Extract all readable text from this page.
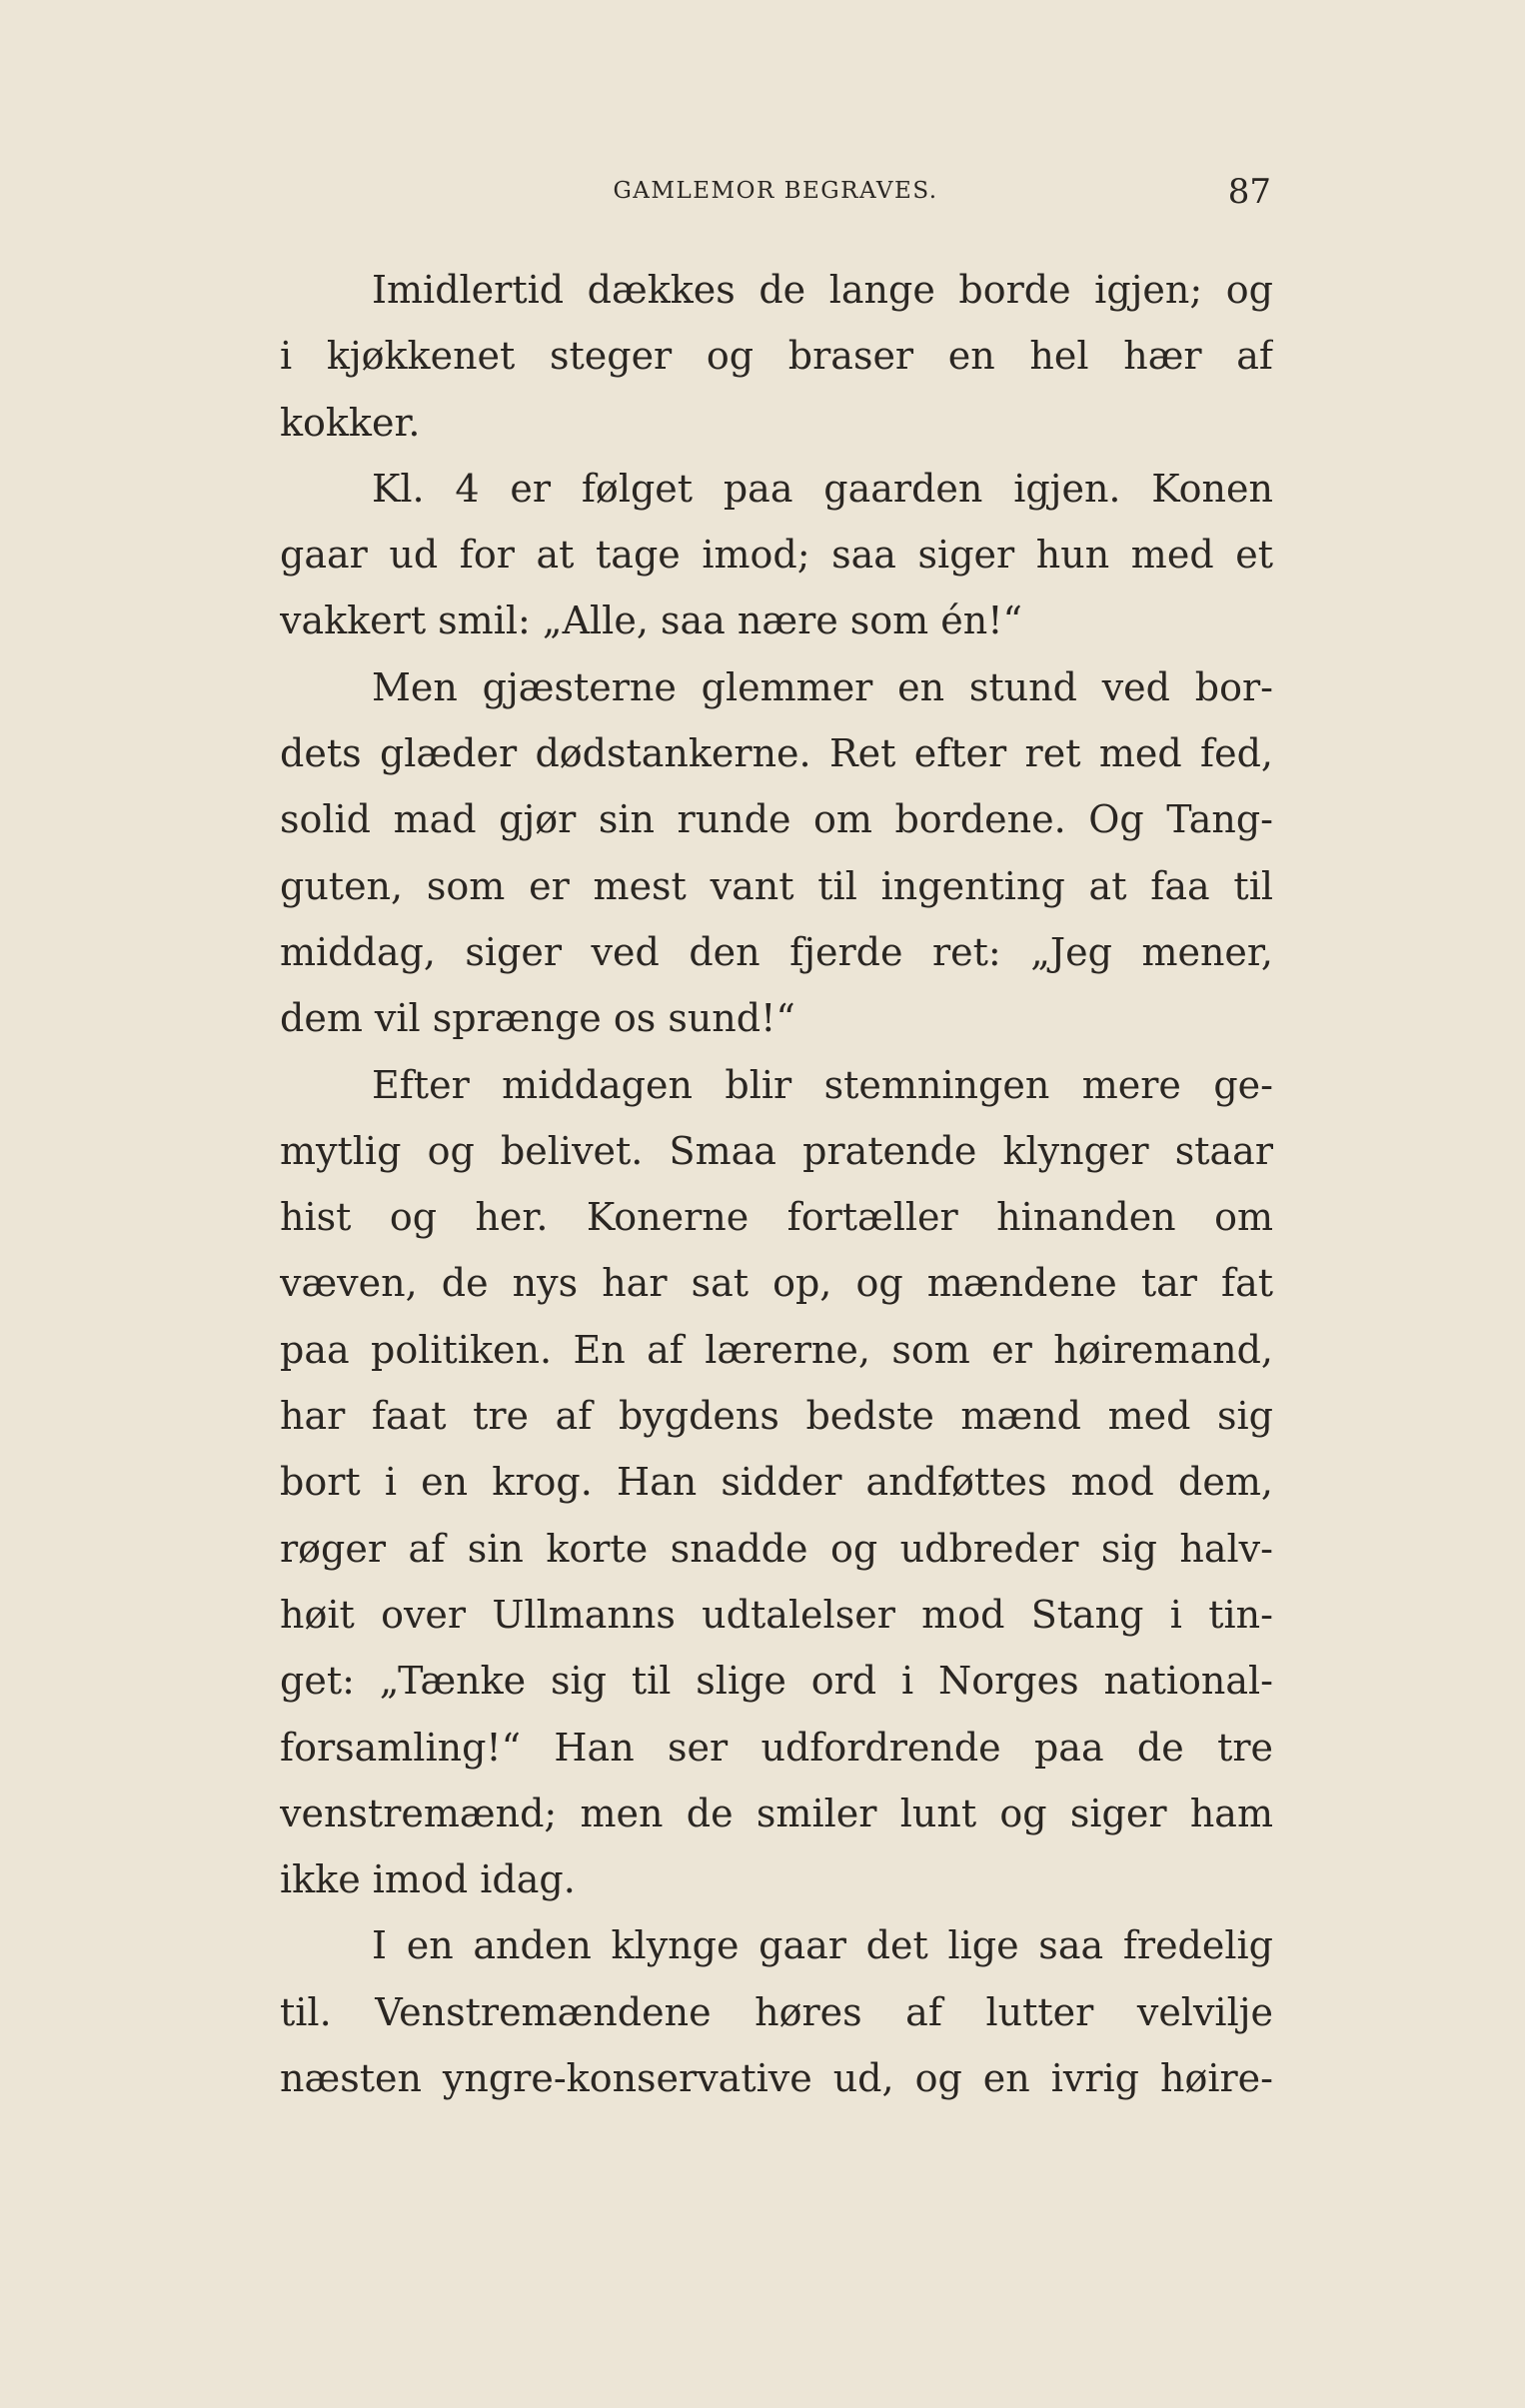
GAMLEMOR BEGRAVES.	87
Imidlertid dækkes de lange borde igjen; og
i kjøkkenet steger og braser en hel hær af
kokker.
Kl. 4 er følget paa gaarden igjen. Konen
gaar ud for at tage imod; saa siger hun med et
vakkert smil: „Alle, saa nære som én!“
Men gjæsterne glemmer en stund ved bor-
dets glæder dødstankerne. Ret efter ret med fed,
solid mad gjør sin runde om bordene. Og Tang-
guten, som er mest vant til ingenting at faa til
middag, siger ved den fjerde ret: „Jeg mener,
dem vil sprænge os sund!“
Efter middagen blir stemningen mere ge-
mytlig og belivet. Smaa pratende klynger staar
hist og her. Konerne fortæller hinanden om
væven, de nys har sat op, og mændene tar fat
paa politiken. En af lærerne, som er høiremand,
har faat tre af bygdens bedste mænd med sig
bort i en krog. Han sidder andføttes mod dem,
røger af sin korte snadde og udbreder sig halv-
høit over Ullmanns udtalelser mod Stang i tin-
get: „Tænke sig til slige ord i Norges national-
forsamling!“ Han ser udfordrende paa de tre
venstremænd; men de smiler lunt og siger ham
ikke imod idag.
I en anden klynge gaar det lige saa fredelig
til. Venstremændene høres af lutter velvilje
næsten yngre-konservative ud, og en ivrig høire-
